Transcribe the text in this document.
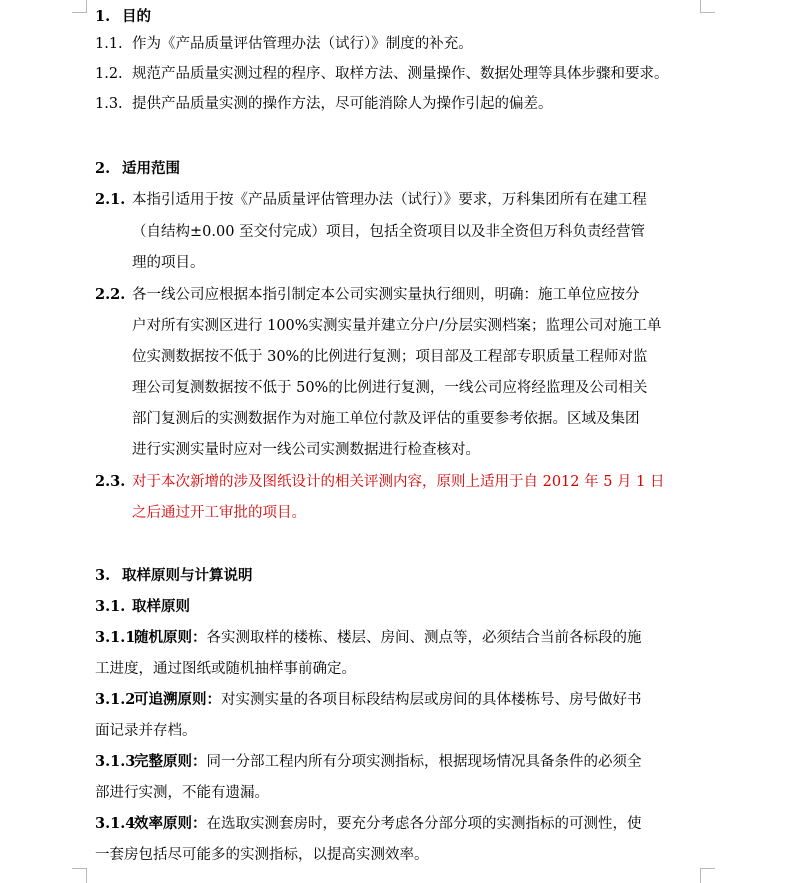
1. 目的
1.1. 作为《产品质量评估管理办法（试行）》制度的补充。
1.2. 规范产品质量实测过程的程序、取样方法、测量操作、数据处理等具体步骤和要求。
1.3. 提供产品质量实测的操作方法，尽可能消除人为操作引起的偏差。
2. 适用范围
2.1. 本指引适用于按《产品质量评估管理办法（试行）》要求，万科集团所有在建工程
（自结构±0.00 至交付完成）项目，包括全资项目以及非全资但万科负责经营管
理的项目。
2.2. 各一线公司应根据本指引制定本公司实测实量执行细则，明确：施工单位应按分
户对所有实测区进行 100%实测实量并建立分户/分层实测档案；监理公司对施工单
位实测数据按不低于 30%的比例进行复测；项目部及工程部专职质量工程师对监
理公司复测数据按不低于 50%的比例进行复测，一线公司应将经监理及公司相关
部门复测后的实测数据作为对施工单位付款及评估的重要参考依据。区域及集团
进行实测实量时应对一线公司实测数据进行检查核对。
2.3. 对于本次新增的涉及图纸设计的相关评测内容，原则上适用于自 2012 年 5 月 1 日
之后通过开工审批的项目。
3. 取样原则与计算说明
3.1. 取样原则
3.1.1
随机原则：各实测取样的楼栋、楼层、房间、测点等，必须结合当前各标段的施
工进度，通过图纸或随机抽样事前确定。
3.1.2
可追溯原则：对实测实量的各项目标段结构层或房间的具体楼栋号、房号做好书
面记录并存档。
3.1.3
完整原则：同一分部工程内所有分项实测指标，根据现场情况具备条件的必须全
部进行实测，不能有遗漏。
3.1.4
效率原则：在选取实测套房时，要充分考虑各分部分项的实测指标的可测性，使
一套房包括尽可能多的实测指标，以提高实测效率。
